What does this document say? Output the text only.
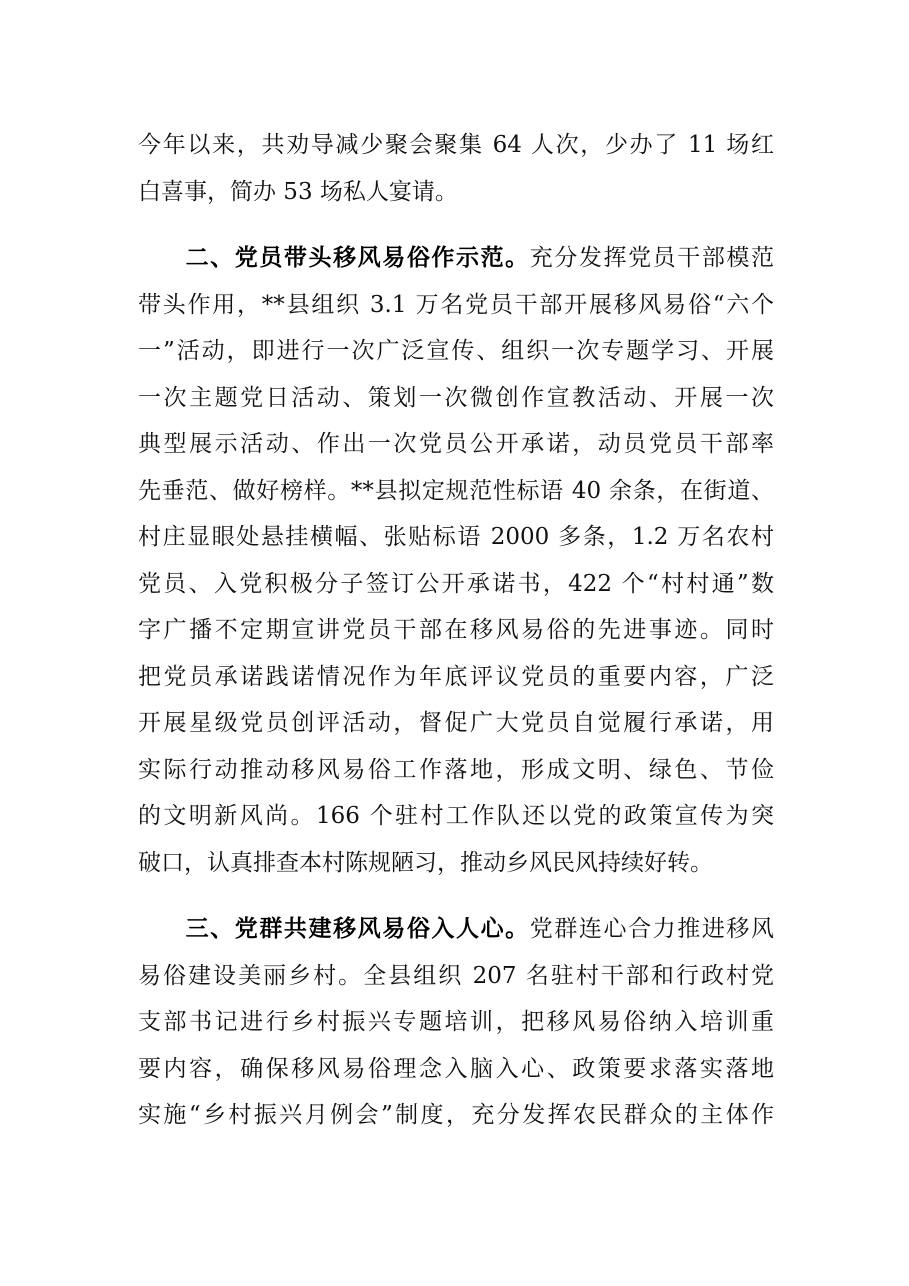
今年以来，共劝导减少聚会聚集 64 人次，少办了 11 场红
白喜事，简办 53 场私人宴请。
二、党员带头移风易俗作示范。充分发挥党员干部模范
带头作用，**县组织 3.1 万名党员干部开展移风易俗“六个
一”活动，即进行一次广泛宣传、组织一次专题学习、开展
一次主题党日活动、策划一次微创作宣教活动、开展一次
典型展示活动、作出一次党员公开承诺，动员党员干部率
先垂范、做好榜样。**县拟定规范性标语 40 余条，在街道、
村庄显眼处悬挂横幅、张贴标语 2000 多条，1.2 万名农村
党员、入党积极分子签订公开承诺书，422 个“村村通”数
字广播不定期宣讲党员干部在移风易俗的先进事迹。同时
把党员承诺践诺情况作为年底评议党员的重要内容，广泛
开展星级党员创评活动，督促广大党员自觉履行承诺，用
实际行动推动移风易俗工作落地，形成文明、绿色、节俭
的文明新风尚。166 个驻村工作队还以党的政策宣传为突
破口，认真排查本村陈规陋习，推动乡风民风持续好转。
三、党群共建移风易俗入人心。党群连心合力推进移风
易俗建设美丽乡村。全县组织 207 名驻村干部和行政村党
支部书记进行乡村振兴专题培训，把移风易俗纳入培训重
要内容，确保移风易俗理念入脑入心、政策要求落实落地
实施“乡村振兴月例会”制度，充分发挥农民群众的主体作
